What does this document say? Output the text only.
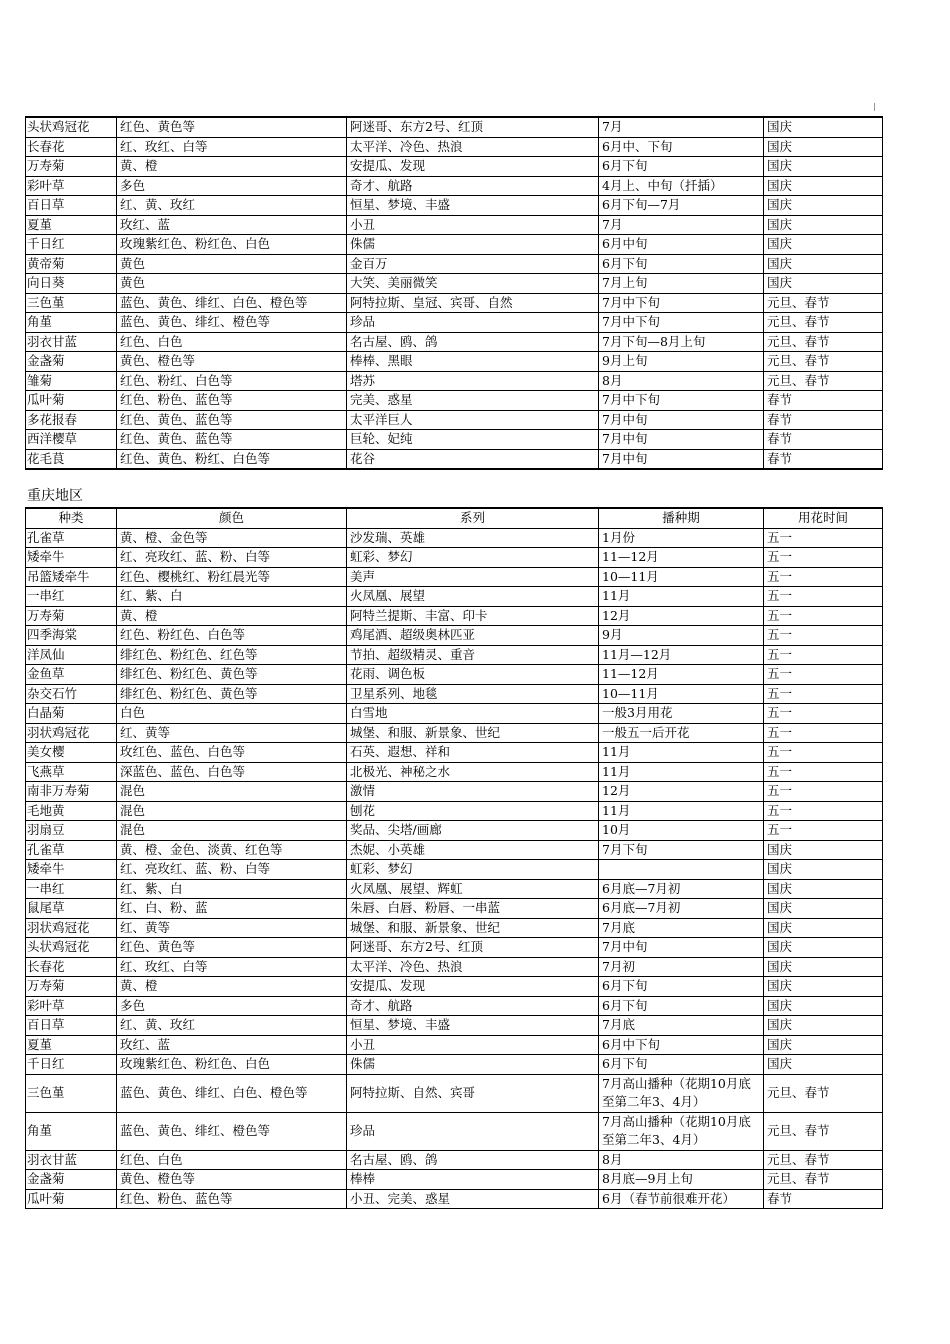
头状鸡冠花	红色、黄色等	阿迷哥、东方2号、红顶	7月	国庆
长春花	红、玫红、白等	太平洋、冷色、热浪	6月中、下旬	国庆
万寿菊	黄、橙	安提瓜、发现	6月下旬	国庆
彩叶草	多色	奇才、航路	4月上、中旬（扦插）	国庆
百日草	红、黄、玫红	恒星、梦境、丰盛	6月下旬—7月	国庆
夏堇	玫红、蓝	小丑	7月	国庆
千日红	玫瑰紫红色、粉红色、白色	侏儒	6月中旬	国庆
黄帝菊	黄色	金百万	6月下旬	国庆
向日葵	黄色	大笑、美丽微笑	7月上旬	国庆
三色堇	蓝色、黄色、绯红、白色、橙色等	阿特拉斯、皇冠、宾哥、自然	7月中下旬	元旦、春节
角堇	蓝色、黄色、绯红、橙色等	珍品	7月中下旬	元旦、春节
羽衣甘蓝	红色、白色	名古屋、鸥、鸽	7月下旬—8月上旬	元旦、春节
金盏菊	黄色、橙色等	棒棒、黑眼	9月上旬	元旦、春节
雏菊	红色、粉红、白色等	塔苏	8月	元旦、春节
瓜叶菊	红色、粉色、蓝色等	完美、惑星	7月中下旬	春节
多花报春	红色、黄色、蓝色等	太平洋巨人	7月中旬	春节
西洋樱草	红色、黄色、蓝色等	巨轮、妃纯	7月中旬	春节
花毛茛	红色、黄色、粉红、白色等	花谷	7月中旬	春节
重庆地区
种类	颜色	系列	播种期	用花时间
孔雀草	黄、橙、金色等	沙发瑞、英雄	1月份	五一
矮牵牛	红、亮玫红、蓝、粉、白等	虹彩、梦幻	11—12月	五一
吊篮矮牵牛	红色、樱桃红、粉红晨光等	美声	10—11月	五一
一串红	红、紫、白	火凤凰、展望	11月	五一
万寿菊	黄、橙	阿特兰提斯、丰富、印卡	12月	五一
四季海棠	红色、粉红色、白色等	鸡尾酒、超级奥林匹亚	9月	五一
洋凤仙	绯红色、粉红色、红色等	节拍、超级精灵、重音	11月—12月	五一
金鱼草	绯红色、粉红色、黄色等	花雨、调色板	11—12月	五一
杂交石竹	绯红色、粉红色、黄色等	卫星系列、地毯	10—11月	五一
白晶菊	白色	白雪地	一般3月用花	五一
羽状鸡冠花	红、黄等	城堡、和服、新景象、世纪	一般五一后开花	五一
美女樱	玫红色、蓝色、白色等	石英、遐想、祥和	11月	五一
飞燕草	深蓝色、蓝色、白色等	北极光、神秘之水	11月	五一
南非万寿菊	混色	激情	12月	五一
毛地黄	混色	刨花	11月	五一
羽扇豆	混色	奖品、尖塔/画廊	10月	五一
孔雀草	黄、橙、金色、淡黄、红色等	杰妮、小英雄	7月下旬	国庆
矮牵牛	红、亮玫红、蓝、粉、白等	虹彩、梦幻		国庆
一串红	红、紫、白	火凤凰、展望、辉虹	6月底—7月初	国庆
鼠尾草	红、白、粉、蓝	朱唇、白唇、粉唇、一串蓝	6月底—7月初	国庆
羽状鸡冠花	红、黄等	城堡、和服、新景象、世纪	7月底	国庆
头状鸡冠花	红色、黄色等	阿迷哥、东方2号、红顶	7月中旬	国庆
长春花	红、玫红、白等	太平洋、冷色、热浪	7月初	国庆
万寿菊	黄、橙	安提瓜、发现	6月下旬	国庆
彩叶草	多色	奇才、航路	6月下旬	国庆
百日草	红、黄、玫红	恒星、梦境、丰盛	7月底	国庆
夏堇	玫红、蓝	小丑	6月中下旬	国庆
千日红	玫瑰紫红色、粉红色、白色	侏儒	6月下旬	国庆
三色堇	蓝色、黄色、绯红、白色、橙色等	阿特拉斯、自然、宾哥	7月高山播种（花期10月底至第二年3、4月）	元旦、春节
角堇	蓝色、黄色、绯红、橙色等	珍品	7月高山播种（花期10月底至第二年3、4月）	元旦、春节
羽衣甘蓝	红色、白色	名古屋、鸥、鸽	8月	元旦、春节
金盏菊	黄色、橙色等	棒棒	8月底—9月上旬	元旦、春节
瓜叶菊	红色、粉色、蓝色等	小丑、完美、惑星	6月（春节前很难开花）	春节
